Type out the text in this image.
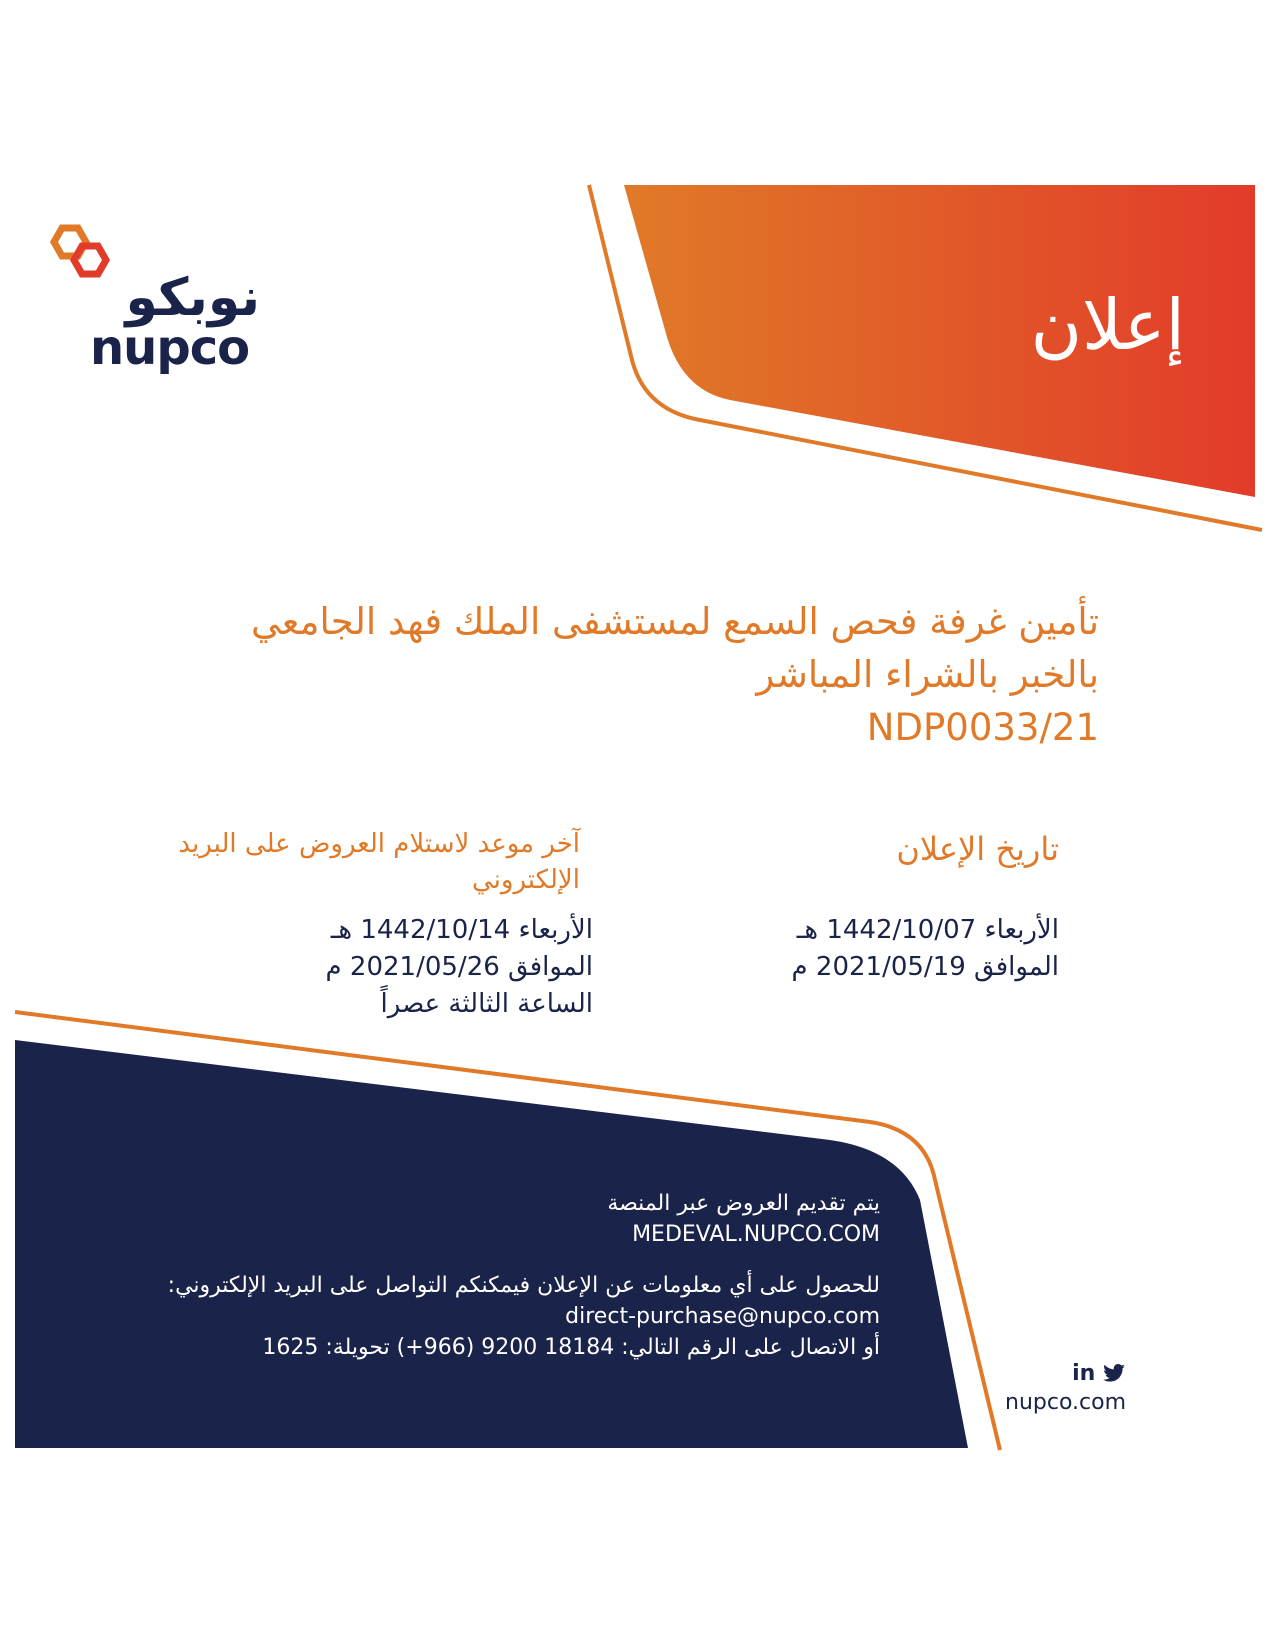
نوبكو
nupco	إعلان
تأمين غرفة فحص السمع لمستشفى الملك فهد الجامعي
بالخبر بالشراء المباشر
NDP0033/21
تاريخ الإعلان
الأربعاء 1442/10/07 هـ
الموافق 2021/05/19 م
آخر موعد لاستلام العروض على البريد الإلكتروني
الأربعاء 1442/10/14 هـ
الموافق 2021/05/26 م
الساعة الثالثة عصراً
يتم تقديم العروض عبر المنصة
MEDEVAL.NUPCO.COM
للحصول على أي معلومات عن الإعلان فيمكنكم التواصل على البريد الإلكتروني:
direct-purchase@nupco.com
أو الاتصال على الرقم التالي: 18184 9200 (966+) تحويلة: 1625
in
nupco.com
